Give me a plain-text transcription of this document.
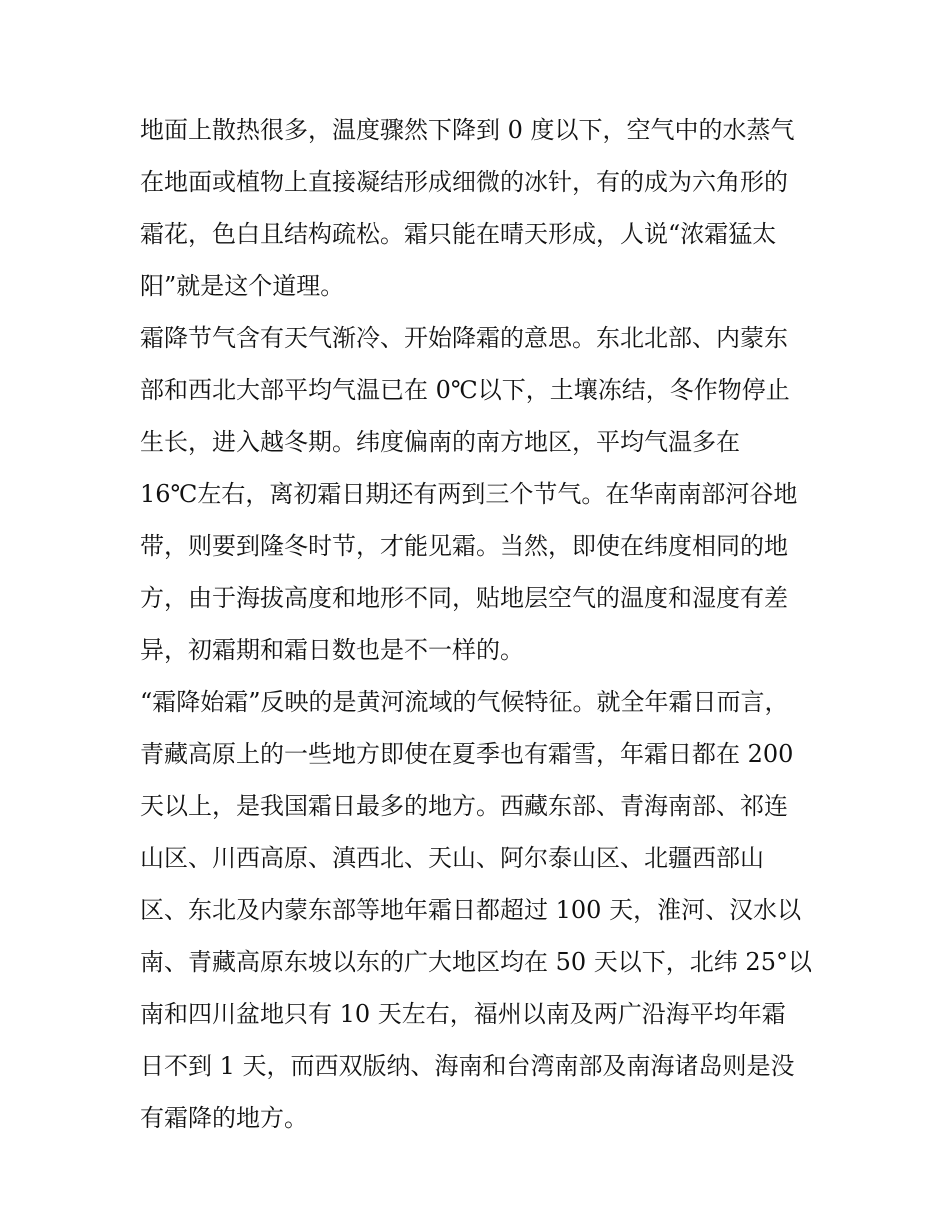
地面上散热很多，温度骤然下降到 0 度以下，空气中的水蒸气
在地面或植物上直接凝结形成细微的冰针，有的成为六角形的
霜花，色白且结构疏松。霜只能在晴天形成，人说“浓霜猛太
阳”就是这个道理。
霜降节气含有天气渐冷、开始降霜的意思。东北北部、内蒙东
部和西北大部平均气温已在 0℃以下，土壤冻结，冬作物停止
生长，进入越冬期。纬度偏南的南方地区，平均气温多在
16℃左右，离初霜日期还有两到三个节气。在华南南部河谷地
带，则要到隆冬时节，才能见霜。当然，即使在纬度相同的地
方，由于海拔高度和地形不同，贴地层空气的温度和湿度有差
异，初霜期和霜日数也是不一样的。
“霜降始霜”反映的是黄河流域的气候特征。就全年霜日而言，
青藏高原上的一些地方即使在夏季也有霜雪，年霜日都在 200
天以上，是我国霜日最多的地方。西藏东部、青海南部、祁连
山区、川西高原、滇西北、天山、阿尔泰山区、北疆西部山
区、东北及内蒙东部等地年霜日都超过 100 天，淮河、汉水以
南、青藏高原东坡以东的广大地区均在 50 天以下，北纬 25°以
南和四川盆地只有 10 天左右，福州以南及两广沿海平均年霜
日不到 1 天，而西双版纳、海南和台湾南部及南海诸岛则是没
有霜降的地方。
